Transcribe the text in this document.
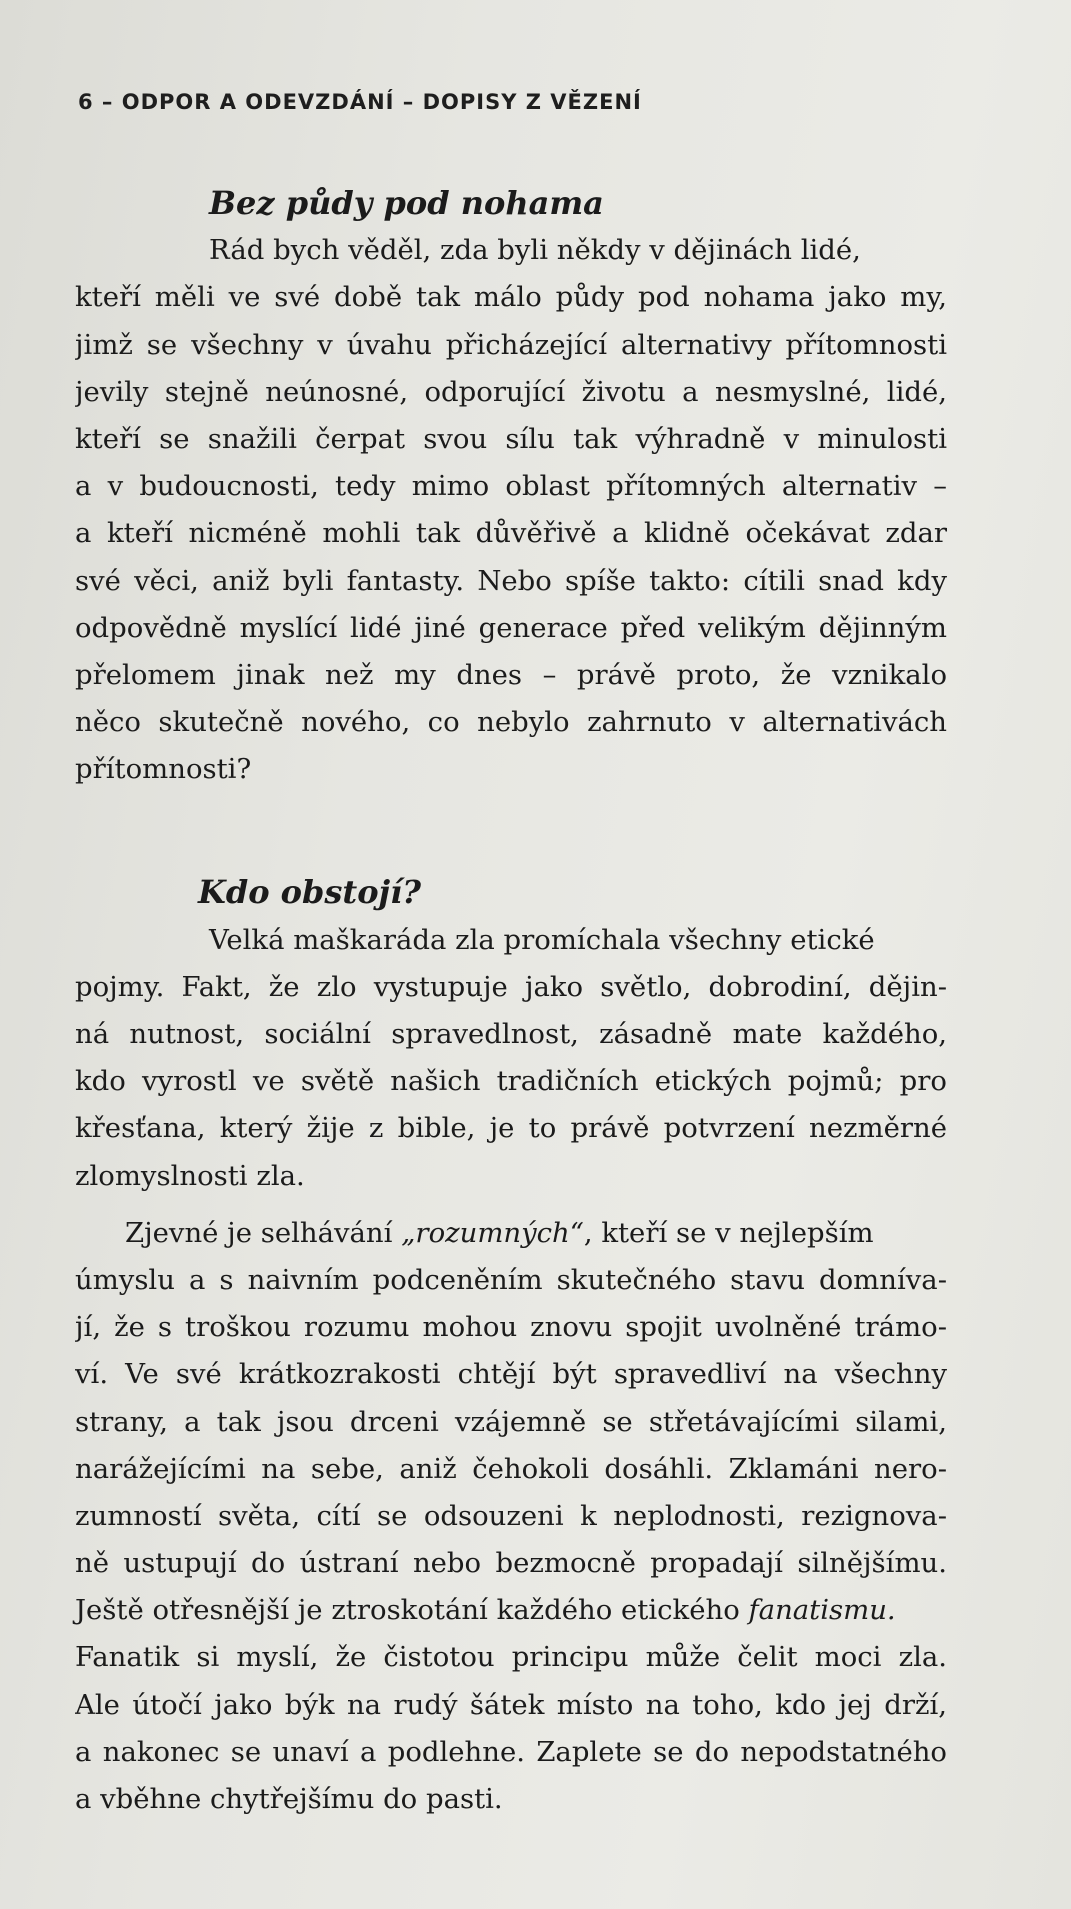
6 – ODPOR A ODEVZDÁNÍ – DOPISY Z VĚZENÍ
Bez půdy pod nohama
Rád bych věděl, zda byli někdy v dějinách lidé,
kteří měli ve své době tak málo půdy pod nohama jako my,
jimž se všechny v úvahu přicházející alternativy přítomnosti
jevily stejně neúnosné, odporující životu a nesmyslné, lidé,
kteří se snažili čerpat svou sílu tak výhradně v minulosti
a v budoucnosti, tedy mimo oblast přítomných alternativ –
a kteří nicméně mohli tak důvěřivě a klidně očekávat zdar
své věci, aniž byli fantasty. Nebo spíše takto: cítili snad kdy
odpovědně myslící lidé jiné generace před velikým dějinným
přelomem jinak než my dnes – právě proto, že vznikalo
něco skutečně nového, co nebylo zahrnuto v alternativách
přítomnosti?
Kdo obstojí?
Velká maškaráda zla promíchala všechny etické
pojmy. Fakt, že zlo vystupuje jako světlo, dobrodiní, dějin-
ná nutnost, sociální spravedlnost, zásadně mate každého,
kdo vyrostl ve světě našich tradičních etických pojmů; pro
křesťana, který žije z bible, je to právě potvrzení nezměrné
zlomyslnosti zla.
Zjevné je selhávání „rozumných“, kteří se v nejlepším
úmyslu a s naivním podceněním skutečného stavu domníva-
jí, že s troškou rozumu mohou znovu spojit uvolněné trámo-
ví. Ve své krátkozrakosti chtějí být spravedliví na všechny
strany, a tak jsou drceni vzájemně se střetávajícími silami,
narážejícími na sebe, aniž čehokoli dosáhli. Zklamáni nero-
zumností světa, cítí se odsouzeni k neplodnosti, rezignova-
ně ustupují do ústraní nebo bezmocně propadají silnějšímu.
Ještě otřesnější je ztroskotání každého etického fanatismu.
Fanatik si myslí, že čistotou principu může čelit moci zla.
Ale útočí jako býk na rudý šátek místo na toho, kdo jej drží,
a nakonec se unaví a podlehne. Zaplete se do nepodstatného
a vběhne chytřejšímu do pasti.
